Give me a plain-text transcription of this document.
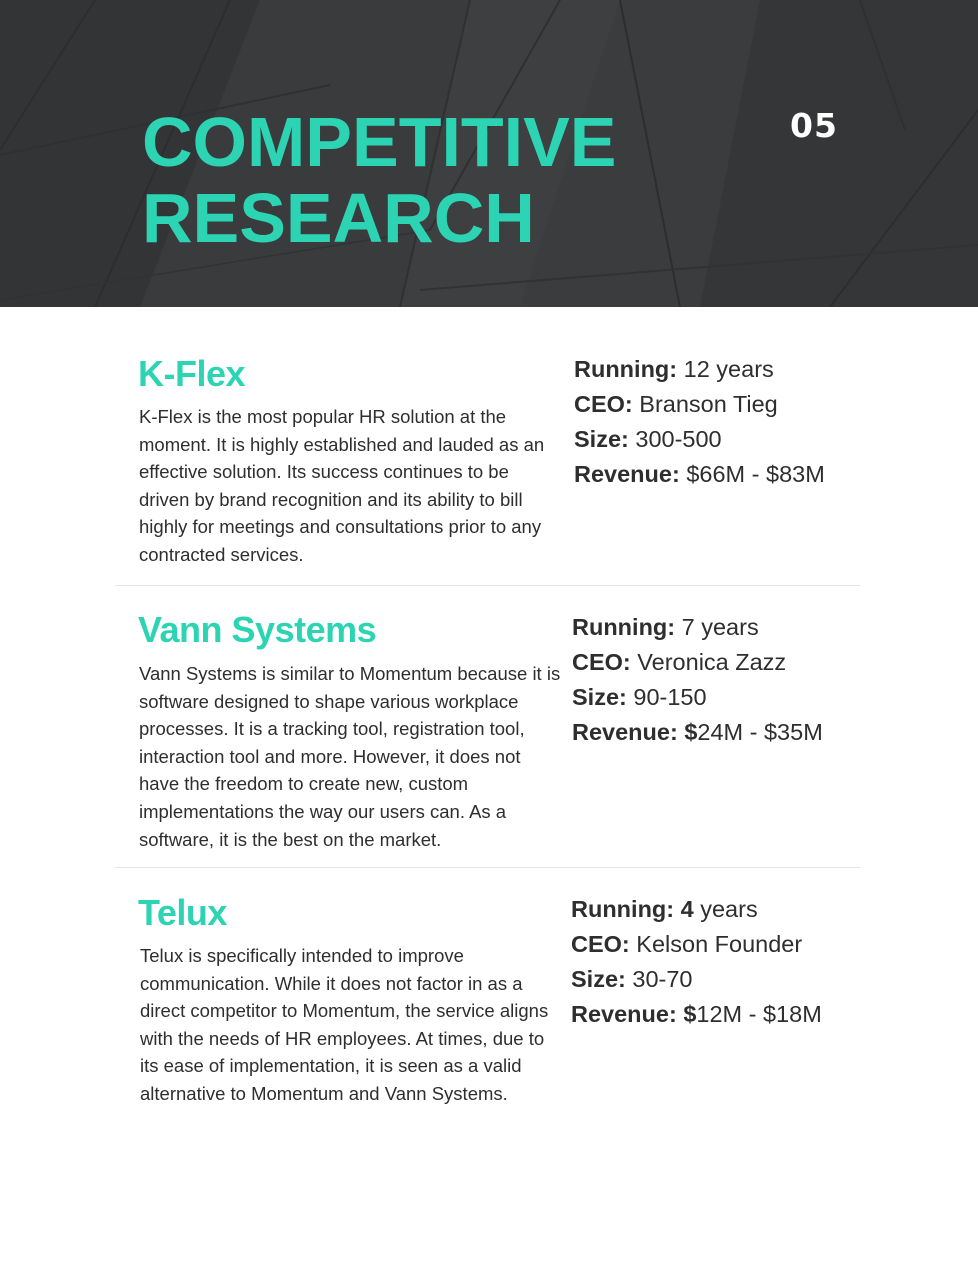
COMPETITIVE
RESEARCH
05
K-Flex

K-Flex is the most popular HR solution at the moment. It is highly established and lauded as an effective solution. Its success continues to be driven by brand recognition and its ability to bill highly for meetings and consultations prior to any contracted services.

Running: 12 years
CEO: Branson Tieg
Size: 300-500
Revenue: $66M - $83M
Vann Systems

Vann Systems is similar to Momentum because it is software designed to shape various workplace processes. It is a tracking tool, registration tool, interaction tool and more. However, it does not have the freedom to create new, custom implementations the way our users can. As a software, it is the best on the market.

Running: 7 years
CEO: Veronica Zazz
Size: 90-150
Revenue: $24M - $35M
Telux

Telux is specifically intended to improve communication. While it does not factor in as a direct competitor to Momentum, the service aligns with the needs of HR employees. At times, due to its ease of implementation, it is seen as a valid alternative to Momentum and Vann Systems.

Running: 4 years
CEO: Kelson Founder
Size: 30-70
Revenue: $12M - $18M
